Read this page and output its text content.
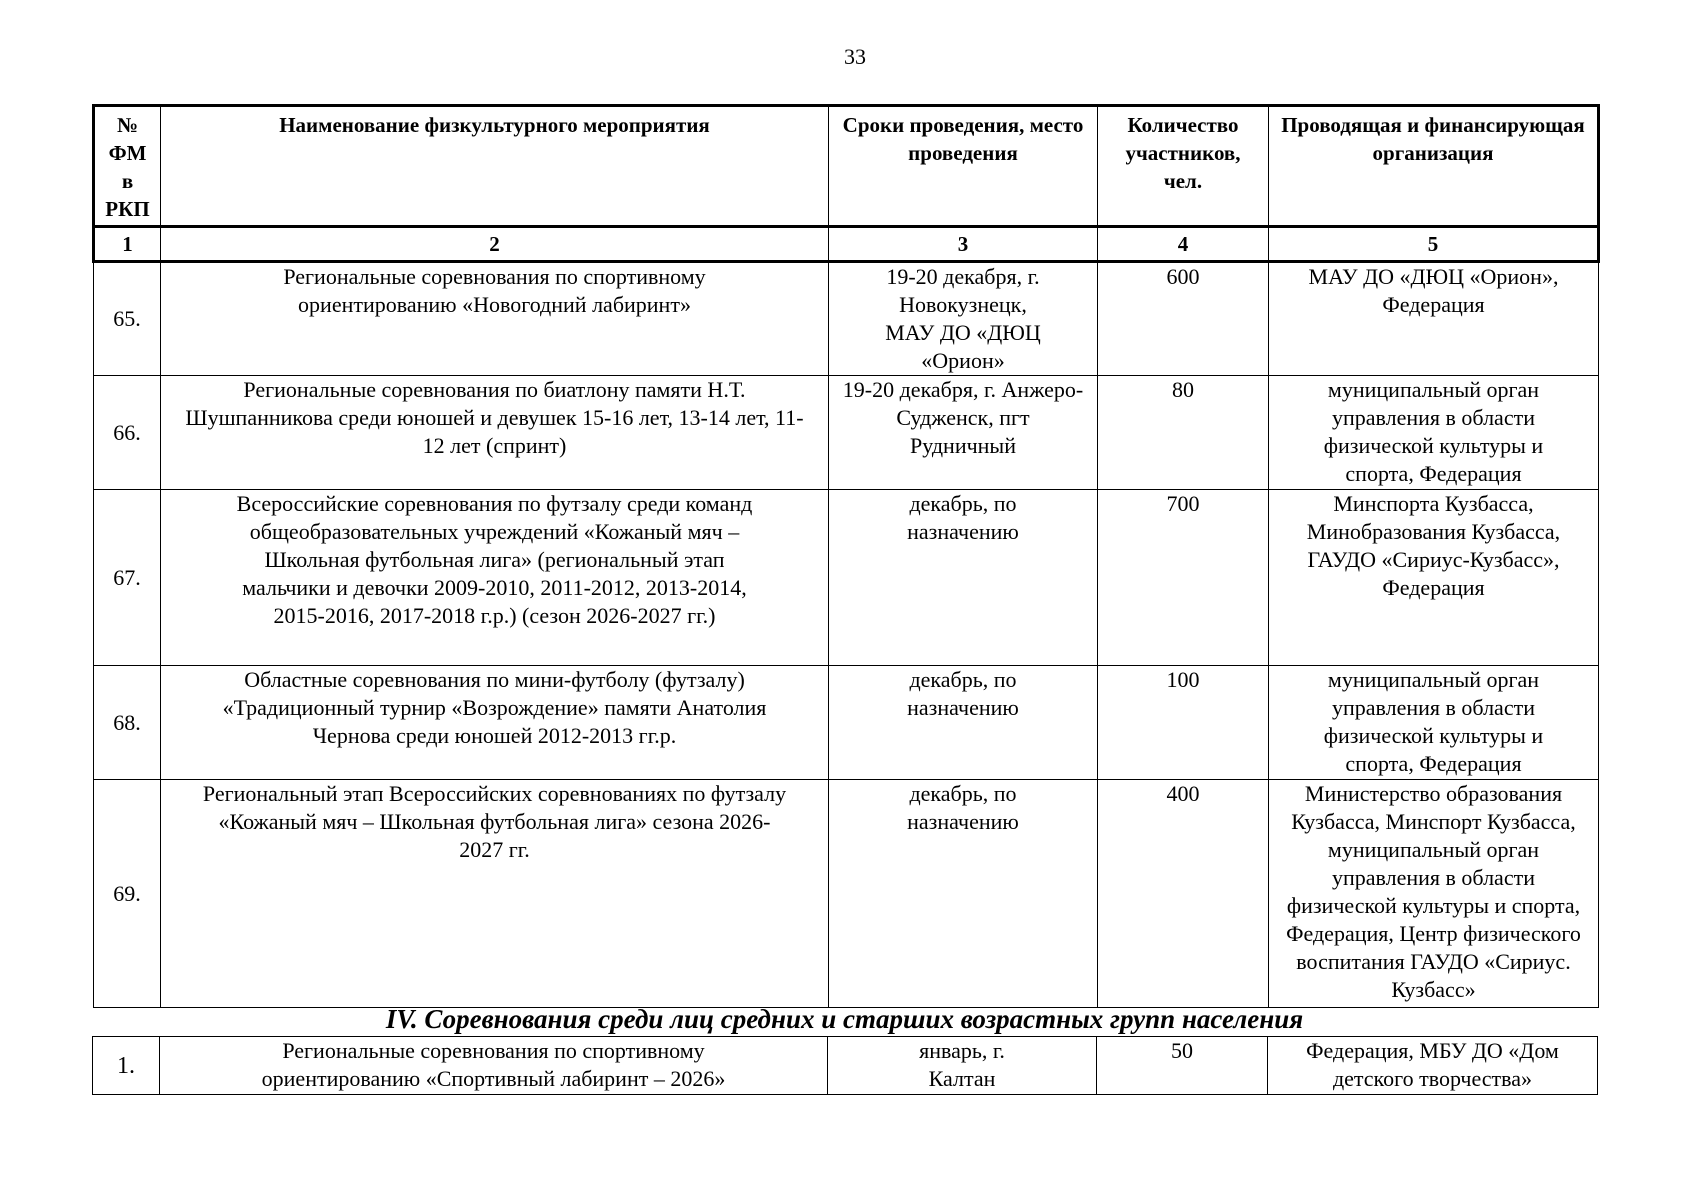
33
№ ФМ в РКП	Наименование физкультурного мероприятия	Сроки проведения, место проведения	Количество участников, чел.	Проводящая и финансирующая организация
1	2	3	4	5
65.	Региональные соревнования по спортивному ориентированию «Новогодний лабиринт»	19-20 декабря, г. Новокузнецк, МАУ ДО «ДЮЦ «Орион»	600	МАУ ДО «ДЮЦ «Орион», Федерация
66.	Региональные соревнования по биатлону памяти Н.Т. Шушпанникова среди юношей и девушек 15-16 лет, 13-14 лет, 11-12 лет (спринт)	19-20 декабря, г. Анжеро-Судженск, пгт Рудничный	80	муниципальный орган управления в области физической культуры и спорта, Федерация
67.	Всероссийские соревнования по футзалу среди команд общеобразовательных учреждений «Кожаный мяч – Школьная футбольная лига» (региональный этап мальчики и девочки 2009-2010, 2011-2012, 2013-2014, 2015-2016, 2017-2018 г.р.) (сезон 2026-2027 гг.)	декабрь, по назначению	700	Минспорта Кузбасса, Минобразования Кузбасса, ГАУДО «Сириус-Кузбасс», Федерация
68.	Областные соревнования по мини-футболу (футзалу) «Традиционный турнир «Возрождение» памяти Анатолия Чернова среди юношей 2012-2013 гг.р.	декабрь, по назначению	100	муниципальный орган управления в области физической культуры и спорта, Федерация
69.	Региональный этап Всероссийских соревнованиях по футзалу «Кожаный мяч – Школьная футбольная лига» сезона 2026-2027 гг.	декабрь, по назначению	400	Министерство образования Кузбасса, Минспорт Кузбасса, муниципальный орган управления в области физической культуры и спорта, Федерация, Центр физического воспитания ГАУДО «Сириус. Кузбасс»
IV. Соревнования среди лиц средних и старших возрастных групп населения
1.	Региональные соревнования по спортивному ориентированию «Спортивный лабиринт – 2026»	январь, г. Калтан	50	Федерация, МБУ ДО «Дом детского творчества»
